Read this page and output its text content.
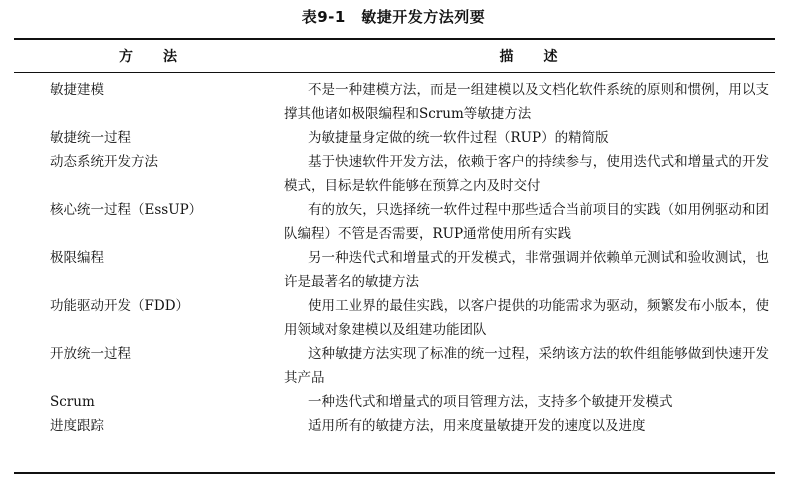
表9-1　敏捷开发方法列要
方法	描述
敏捷建模	不是一种建模方法，而是一组建模以及文档化软件系统的原则和惯例，用以支撑其他诸如极限编程和Scrum等敏捷方法
敏捷统一过程	为敏捷量身定做的统一软件过程（RUP）的精简版
动态系统开发方法	基于快速软件开发方法，依赖于客户的持续参与，使用迭代式和增量式的开发模式，目标是软件能够在预算之内及时交付
核心统一过程（EssUP）	有的放矢，只选择统一软件过程中那些适合当前项目的实践（如用例驱动和团队编程）不管是否需要，RUP通常使用所有实践
极限编程	另一种迭代式和增量式的开发模式，非常强调并依赖单元测试和验收测试，也许是最著名的敏捷方法
功能驱动开发（FDD）	使用工业界的最佳实践，以客户提供的功能需求为驱动，频繁发布小版本，使用领域对象建模以及组建功能团队
开放统一过程	这种敏捷方法实现了标准的统一过程，采纳该方法的软件组能够做到快速开发其产品
Scrum	一种迭代式和增量式的项目管理方法，支持多个敏捷开发模式
进度跟踪	适用所有的敏捷方法，用来度量敏捷开发的速度以及进度
